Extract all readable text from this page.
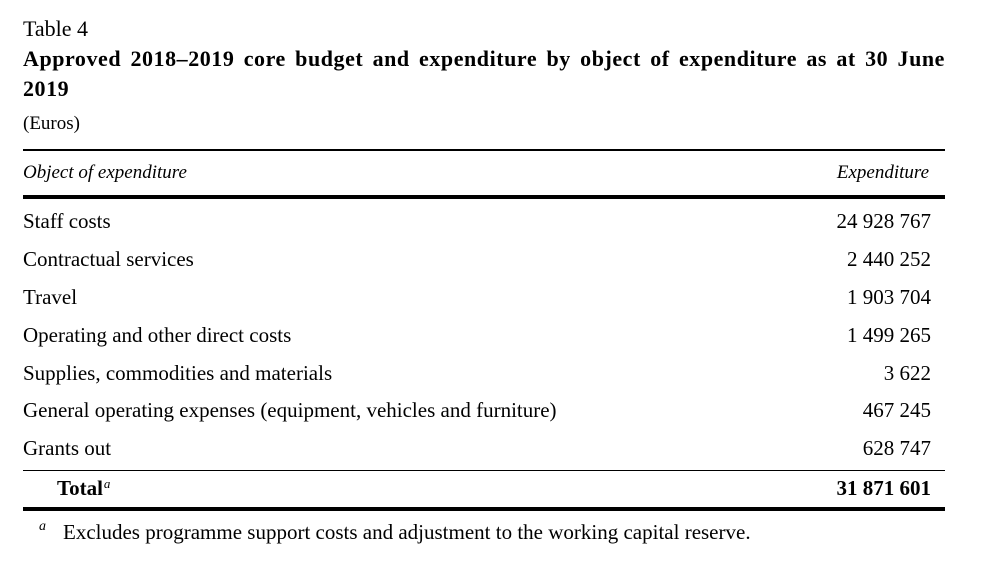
Table 4

Approved 2018–2019 core budget and expenditure by object of expenditure as at 30 June 2019

(Euros)

Object of expenditure	Expenditure
Staff costs	24 928 767
Contractual services	2 440 252
Travel	1 903 704
Operating and other direct costs	1 499 265
Supplies, commodities and materials	3 622
General operating expenses (equipment, vehicles and furniture)	467 245
Grants out	628 747
Total$^a$	31 871 601
a Excludes programme support costs and adjustment to the working capital reserve.
